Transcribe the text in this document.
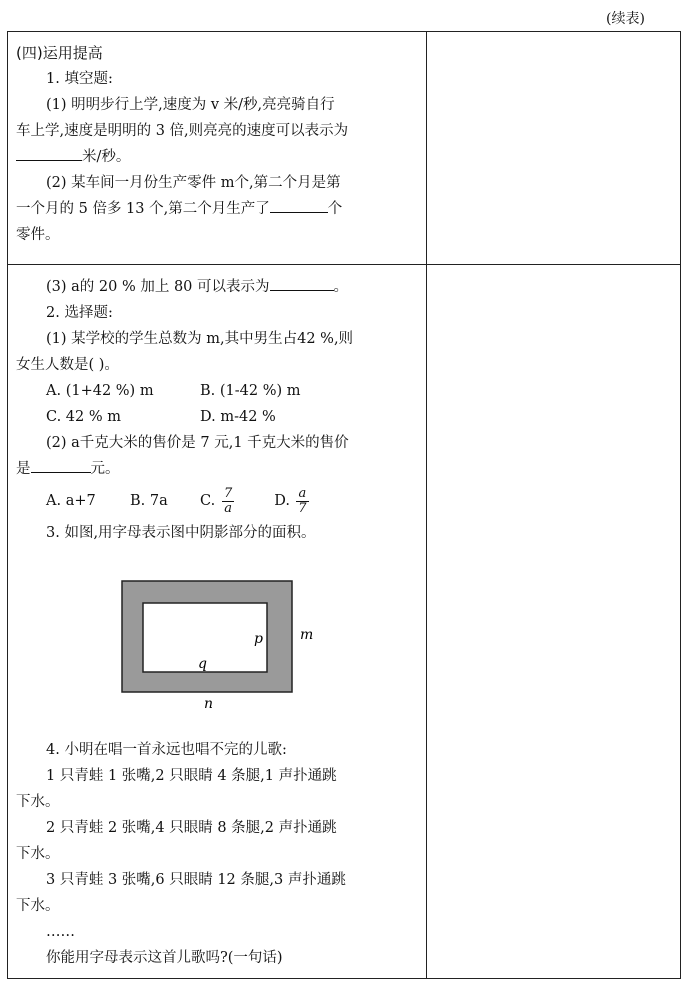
(续表)
(四)运用提高
1. 填空题:
(1) 明明步行上学,速度为 v 米/秒,亮亮骑自行
车上学,速度是明明的 3 倍,则亮亮的速度可以表示为
米/秒。
(2) 某车间一月份生产零件 m个,第二个月是第
一个月的 5 倍多 13 个,第二个月生产了	个
零件。
(3) a的 20 % 加上 80 可以表示为	。
2. 选择题:
(1) 某学校的学生总数为 m,其中男生占42 %,则
女生人数是( )。
A. (1+42 %) m	B. (1-42 %) m
C. 42 % m	D. m-42 %
(2) a千克大米的售价是 7 元,1 千克大米的售价
是	元。
A. a+7 B. 7a C. $\frac{7}{a}$	D. $\frac{a}{7}$
3. 如图,用字母表示图中阴影部分的面积。
p	m
q
n
4. 小明在唱一首永远也唱不完的儿歌:
1 只青蛙 1 张嘴,2 只眼睛 4 条腿,1 声扑通跳
下水。
2 只青蛙 2 张嘴,4 只眼睛 8 条腿,2 声扑通跳
下水。
3 只青蛙 3 张嘴,6 只眼睛 12 条腿,3 声扑通跳
下水。
……
你能用字母表示这首儿歌吗?(一句话)
